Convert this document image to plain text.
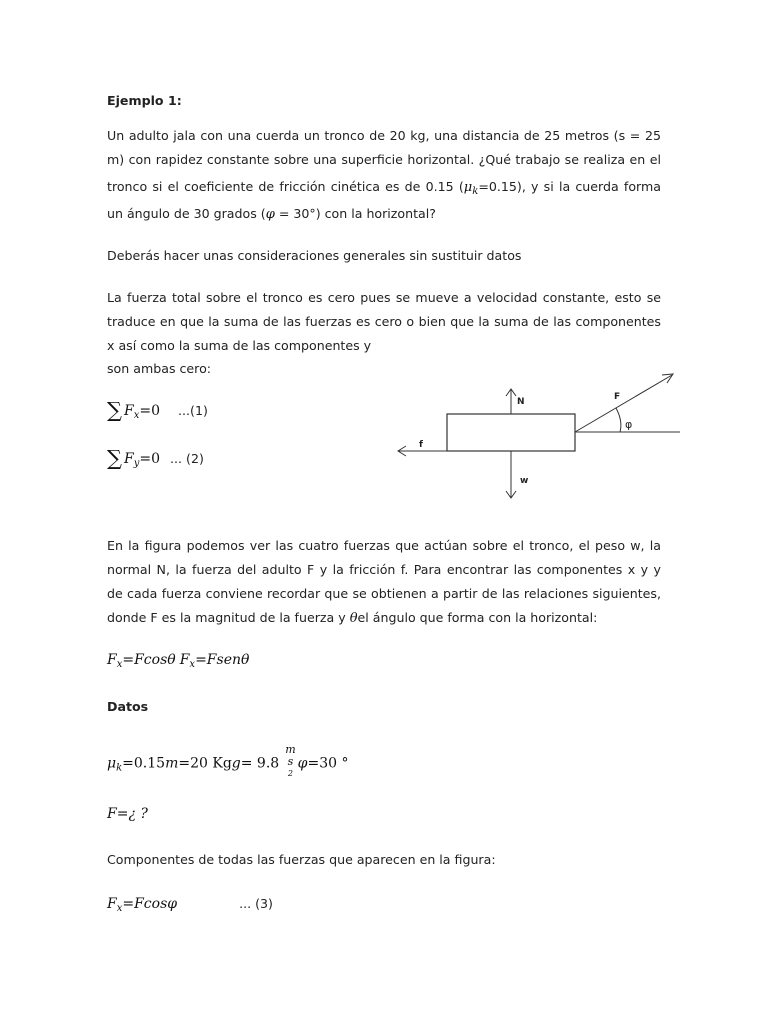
Ejemplo 1:
Un adulto jala con una cuerda un tronco de 20 kg, una distancia de 25 metros (s = 25
m) con rapidez constante sobre una superficie horizontal. ¿Qué trabajo se realiza en el
tronco si el coeficiente de fricción cinética es de 0.15 $(\mu_k=0.15)$, y si la cuerda forma
un ángulo de 30 grados (φ = 30°) con la horizontal?
Deberás hacer unas consideraciones generales sin sustituir datos
La fuerza total sobre el tronco es cero pues se mueve a velocidad constante, esto se
traduce en que la suma de las fuerzas es cero o bien que la suma de las componentes
x así como la suma de las componentes y
son ambas cero:
∑ $F_x=0$ ...(1)
∑ $F_y=0$ ... (2)
N	F
φ
f
w
En la figura podemos ver las cuatro fuerzas que actúan sobre el tronco, el peso w, la
normal N, la fuerza del adulto F y la fricción f. Para encontrar las componentes x y y
de cada fuerza conviene recordar que se obtienen a partir de las relaciones siguientes,
donde F es la magnitud de la fuerza y θel ángulo que forma con la horizontal:
$F_x=Fcos\theta$ $F_x=Fsen\theta$
Datos
$\mu_k=0.15m=20$ Kgg= 9.8
m
s
$^2$
φ=30 °
F=¿ ?
Componentes de todas las fuerzas que aparecen en la figura:
$F_x=Fcos\varphi$	... (3)
